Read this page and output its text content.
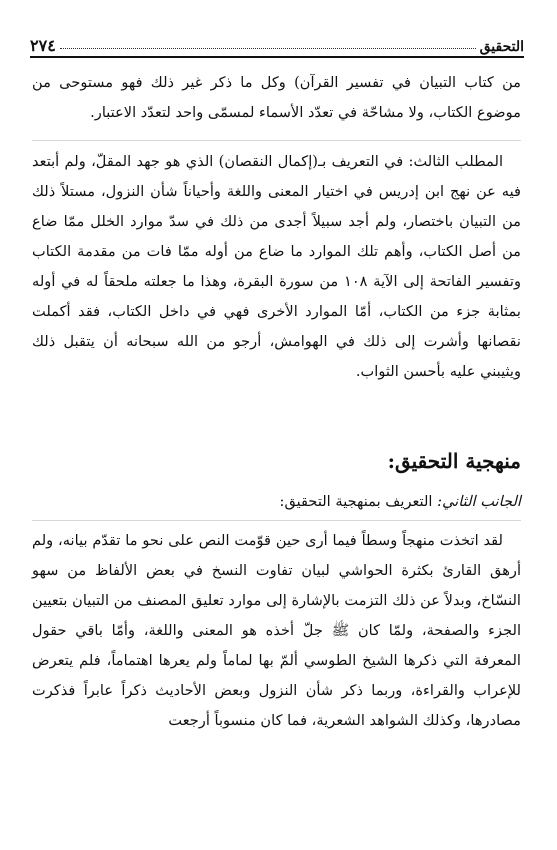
٢٧٤	التحقيق

من كتاب التبيان في تفسير القرآن) وكل ما ذكر غير ذلك فهو مستوحى من موضوع الكتاب، ولا مشاحّة في تعدّد الأسماء لمسمّى واحد لتعدّد الاعتبار.

المطلب الثالث: في التعريف بـ(إكمال النقصان) الذي هو جهد المقلّ، ولم أبتعد فيه عن نهج ابن إدريس في اختيار المعنى واللغة وأحياناً شأن النزول، مستلاً ذلك من التبيان باختصار، ولم أجد سبيلاً أجدى من ذلك في سدّ موارد الخلل ممّا ضاع من أصل الكتاب، وأهم تلك الموارد ما ضاع من أوله ممّا فات من مقدمة الكتاب وتفسير الفاتحة إلى الآية ١٠٨ من سورة البقرة، وهذا ما جعلته ملحقاً له في أوله بمثابة جزء من الكتاب، أمّا الموارد الأخرى فهي في داخل الكتاب، فقد أكملت نقصانها وأشرت إلى ذلك في الهوامش، أرجو من الله سبحانه أن يتقبل ذلك ويثيبني عليه بأحسن الثواب.

منهجية التحقيق:

الجانب الثاني: التعريف بمنهجية التحقيق:

لقد اتخذت منهجاً وسطاً فيما أرى حين قوّمت النص على نحو ما تقدّم بيانه، ولم أرهق القارئ بكثرة الحواشي لبيان تفاوت النسخ في بعض الألفاظ من سهو النسّاخ، وبدلاً عن ذلك التزمت بالإشارة إلى موارد تعليق المصنف من التبيان بتعيين الجزء والصفحة، ولمّا كان ﷺ جلّ أخذه هو المعنى واللغة، وأمّا باقي حقول المعرفة التي ذكرها الشيخ الطوسي ألمّ بها لماماً ولم يعرها اهتماماً، فلم يتعرض للإعراب والقراءة، وربما ذكر شأن النزول وبعض الأحاديث ذكراً عابراً فذكرت مصادرها، وكذلك الشواهد الشعرية، فما كان منسوباً أرجعت
